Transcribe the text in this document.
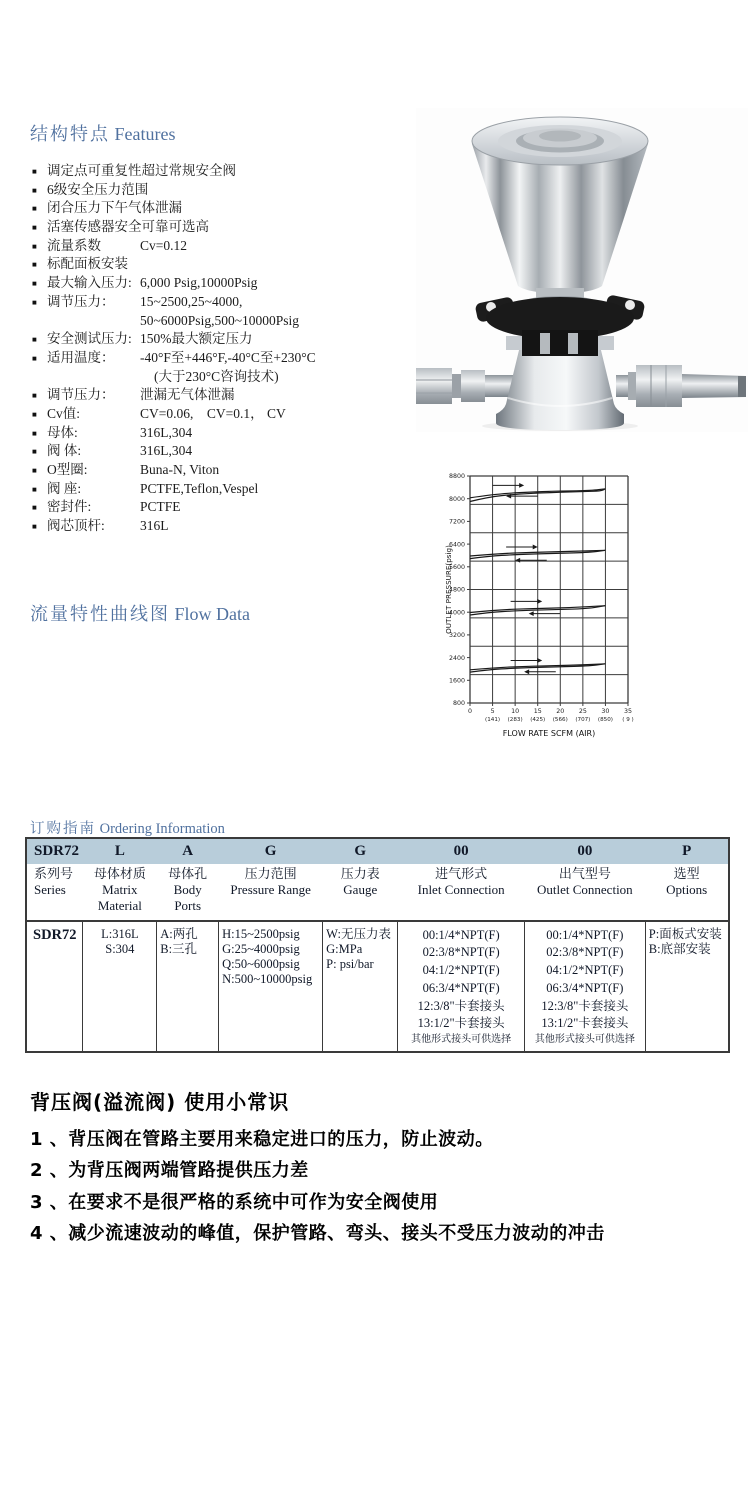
结构特点 Features
■ 调定点可重复性超过常规安全阀
■ 6级安全压力范围
■ 闭合压力下午气体泄漏
■ 活塞传感器安全可靠可选高
■ 流量系数	Cv=0.12
■ 标配面板安装
■ 最大输入压力: 6,000 Psig,10000Psig
■ 调节压力： 15~2500,25~4000,
50~6000Psig,500~10000Psig
■ 安全测试压力: 150%最大额定压力
■ 适用温度： -40°F至+446°F,-40°C至+230°C
(大于230°C咨询技术)
■ 调节压力： 泄漏无气体泄漏
■ Cv值:	CV=0.06,　CV=0.1， CV
■ 母体:	316L,304
■ 阀 体:	316L,304
■ O型圈:	Buna-N, Viton
■ 阀 座:	PCTFE,Teflon,Vespel
■ 密封件:	PCTFE
■ 阀芯顶杆:	316L
8800
8000
7200
6400
5600
4800
4000
3200
2400
1600
800
0	5
(141)
10
(283)
15
(425)
20
(566)
25
(707)
30
(850)
35
( 9 )
FLOW RATE SCFM (AIR)
OUTLET PRESSURE(psig)
流量特性曲线图 Flow Data
订购指南 Ordering Information
SDR72	L	A	G	G	00	00	P

系列号
Series

母体材质
Matrix Material

母体孔
Body Ports

压力范围
Pressure Range

压力表
Gauge

进气形式
Inlet Connection

出气型号
Outlet Connection

选型
Options

SDR72	L:316L
S:304

A:两孔
B:三孔

H:15~2500psig
G:25~4000psig
Q:50~6000psig
N:500~10000psig

W:无压力表
G:MPa
P: psi/bar

00:1/4*NPT(F)
02:3/8*NPT(F)
04:1/2*NPT(F)
06:3/4*NPT(F)
12:3/8"卡套接头
13:1/2"卡套接头
其他形式接头可供选择

00:1/4*NPT(F)
02:3/8*NPT(F)
04:1/2*NPT(F)
06:3/4*NPT(F)
12:3/8"卡套接头
13:1/2"卡套接头
其他形式接头可供选择

P:面板式安装
B:底部安装
背压阀(溢流阀) 使用小常识
1 、背压阀在管路主要用来稳定进口的压力，防止波动。
2 、为背压阀两端管路提供压力差
3 、在要求不是很严格的系统中可作为安全阀使用
4 、减少流速波动的峰值，保护管路、弯头、接头不受压力波动的冲击
